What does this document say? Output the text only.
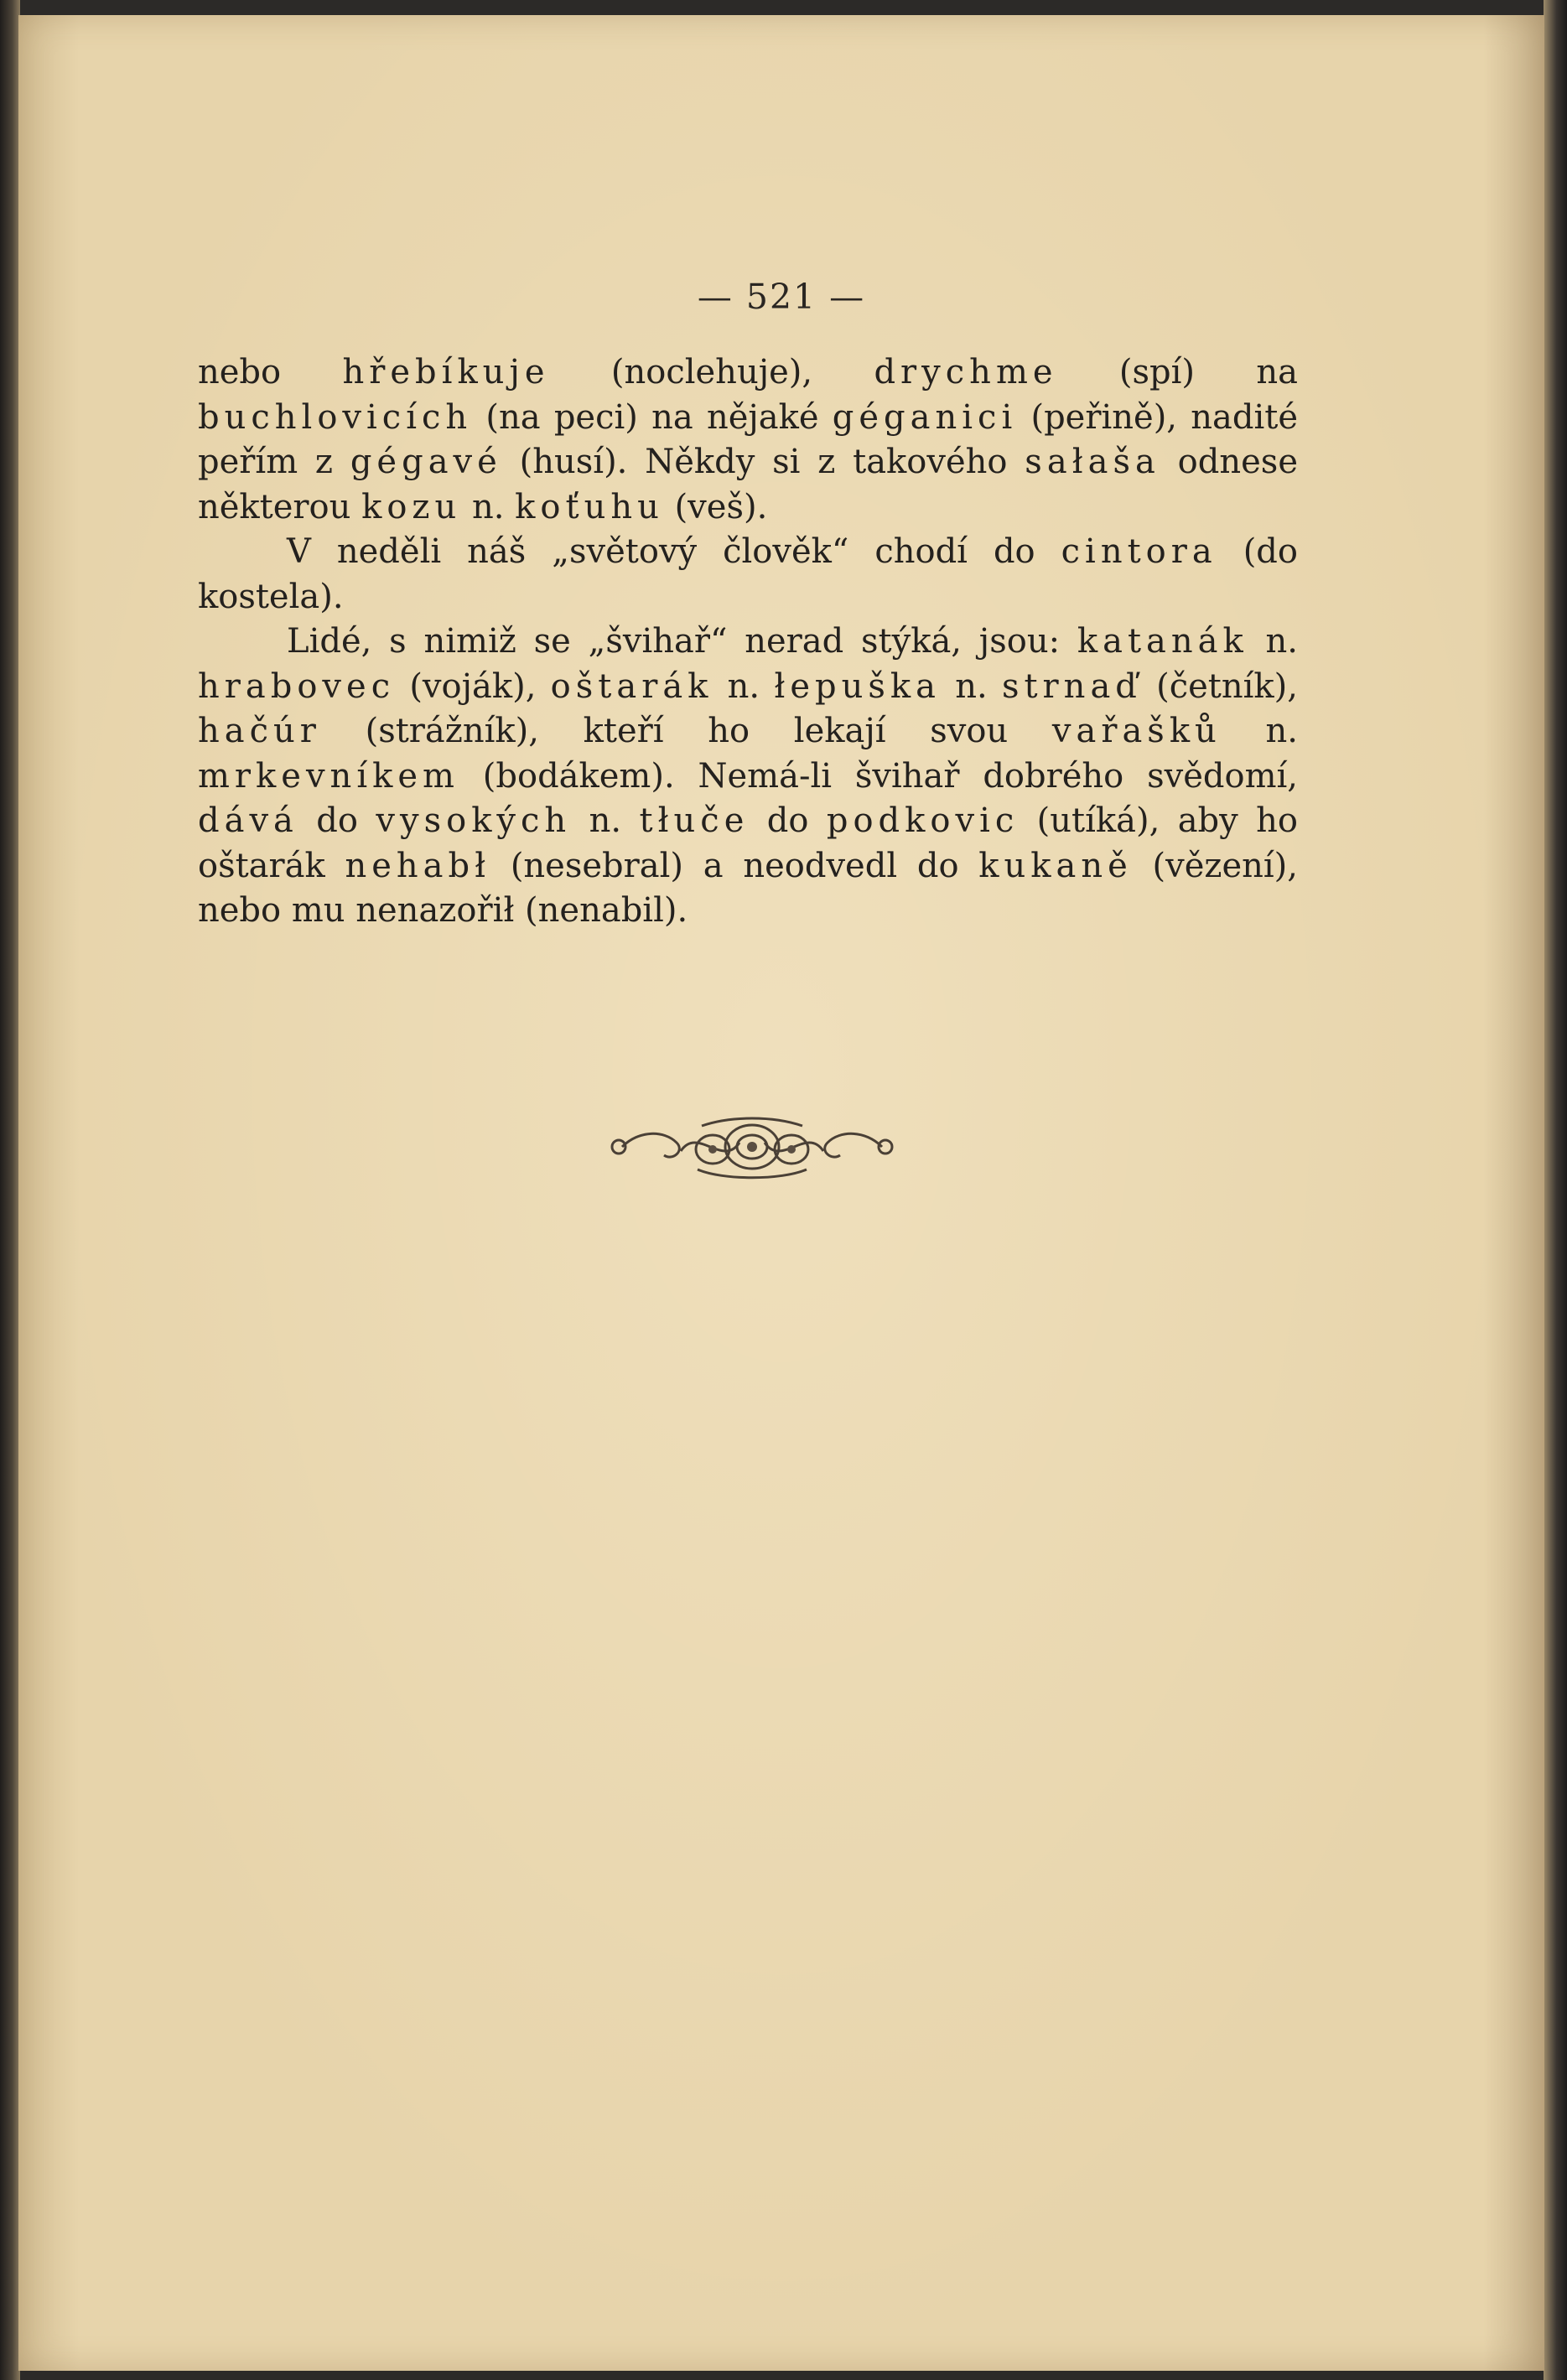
— 521 —

nebo hřebíkuje (noclehuje), drychme (spí) na buchlovicích (na peci) na nějaké géganici (peřině), nadité peřím z gégavé (husí). Někdy si z takového sałaša odnese některou kozu n. koťuhu (veš).

V neděli náš „světový člověk“ chodí do cintora (do kostela).

Lidé, s nimiž se „švihař“ nerad stýká, jsou: katanák n. hrabovec (voják), oštarák n. łepuška n. strnaď (četník), hačúr (strážník), kteří ho lekají svou vařašků n. mrkevníkem (bodákem). Nemá-li švihař dobrého svědomí, dává do vysokých n. tłuče do podkovic (utíká), aby ho oštarák nehabł (nesebral) a neodvedl do kukaně (vězení), nebo mu nenazořił (nenabil).
